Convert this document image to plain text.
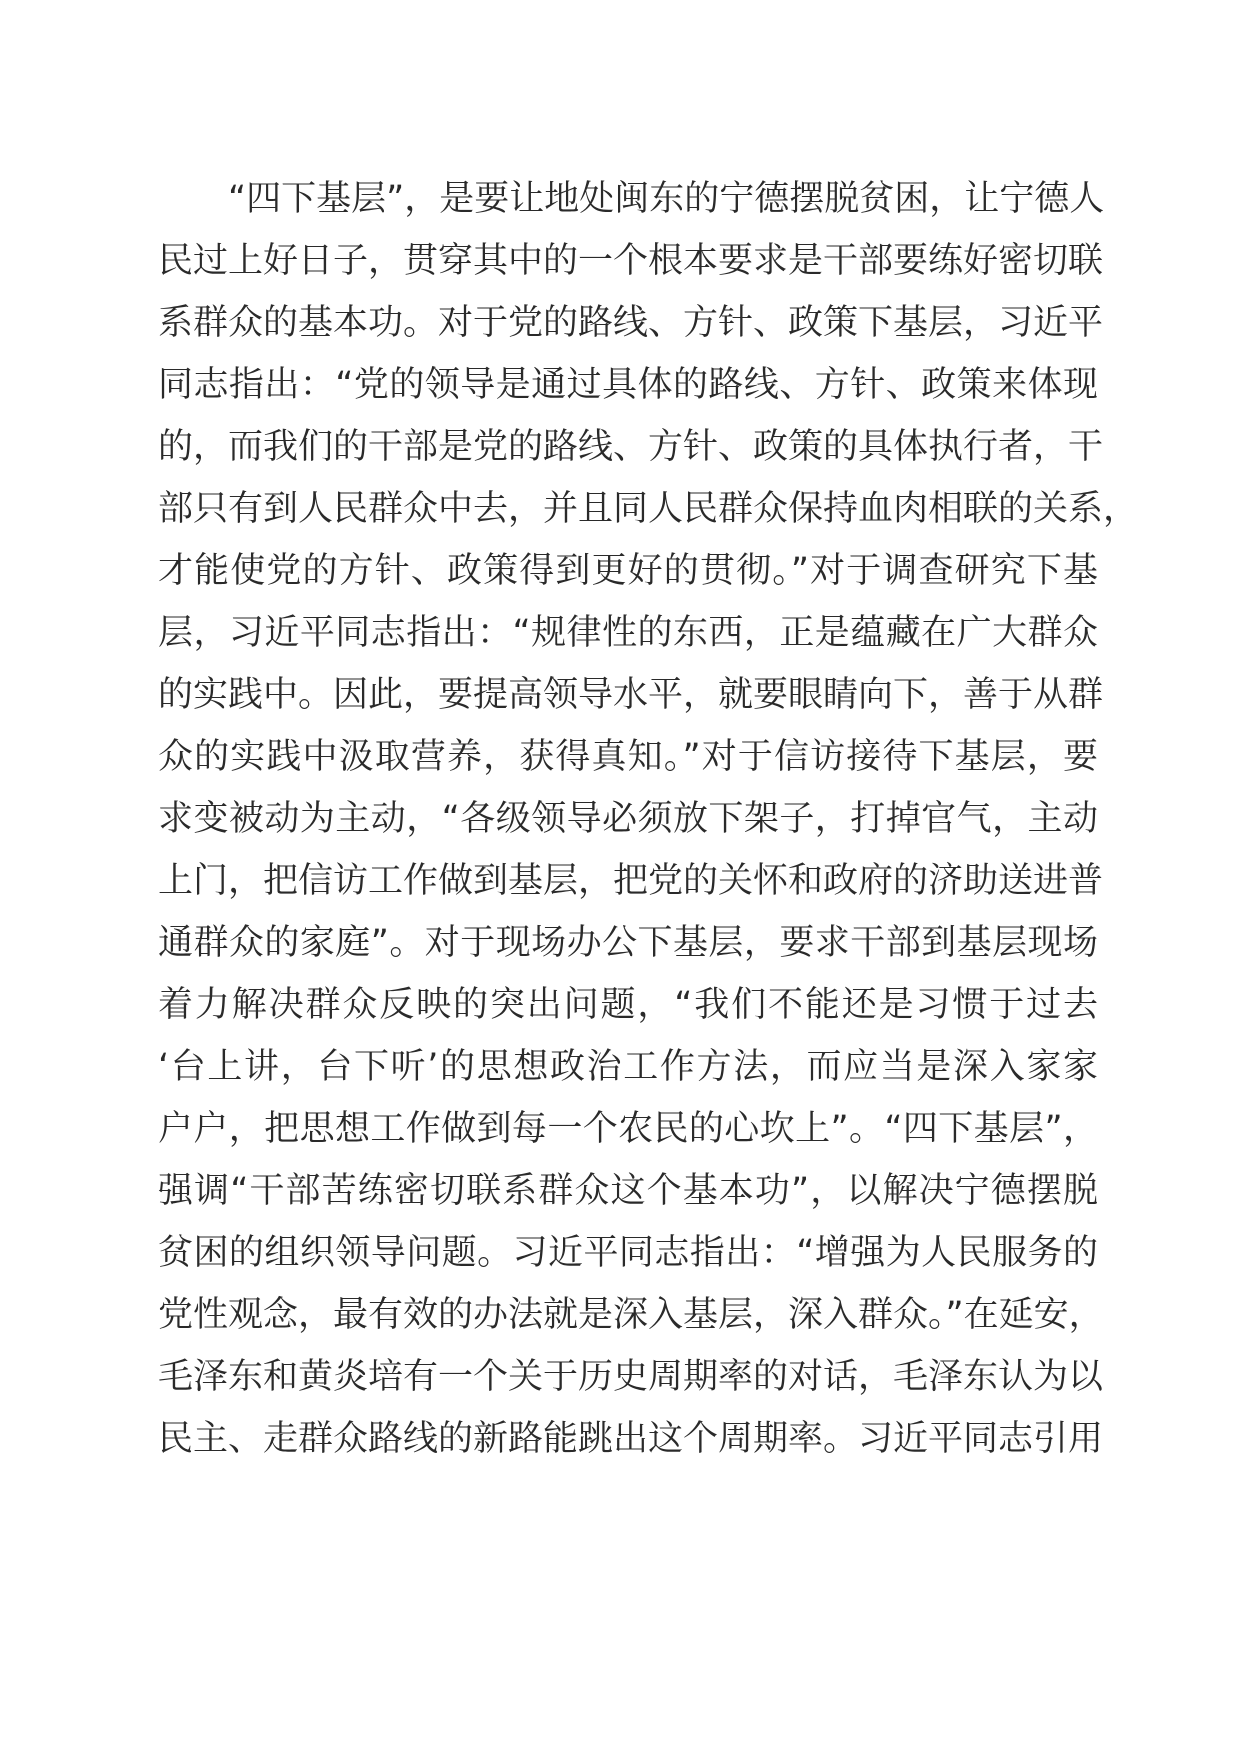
“四下基层”，是要让地处闽东的宁德摆脱贫困，让宁德人
民过上好日子，贯穿其中的一个根本要求是干部要练好密切联
系群众的基本功。对于党的路线、方针、政策下基层，习近平
同志指出：“党的领导是通过具体的路线、方针、政策来体现
的，而我们的干部是党的路线、方针、政策的具体执行者，干
部只有到人民群众中去，并且同人民群众保持血肉相联的关系，
才能使党的方针、政策得到更好的贯彻。”对于调查研究下基
层，习近平同志指出：“规律性的东西，正是蕴藏在广大群众
的实践中。因此，要提高领导水平，就要眼睛向下，善于从群
众的实践中汲取营养，获得真知。”对于信访接待下基层，要
求变被动为主动，“各级领导必须放下架子，打掉官气，主动
上门，把信访工作做到基层，把党的关怀和政府的济助送进普
通群众的家庭”。对于现场办公下基层，要求干部到基层现场
着力解决群众反映的突出问题，“我们不能还是习惯于过去
‘台上讲，台下听’的思想政治工作方法，而应当是深入家家
户户，把思想工作做到每一个农民的心坎上”。“四下基层”，
强调“干部苦练密切联系群众这个基本功”，以解决宁德摆脱
贫困的组织领导问题。习近平同志指出：“增强为人民服务的
党性观念，最有效的办法就是深入基层，深入群众。”在延安，
毛泽东和黄炎培有一个关于历史周期率的对话，毛泽东认为以
民主、走群众路线的新路能跳出这个周期率。习近平同志引用
